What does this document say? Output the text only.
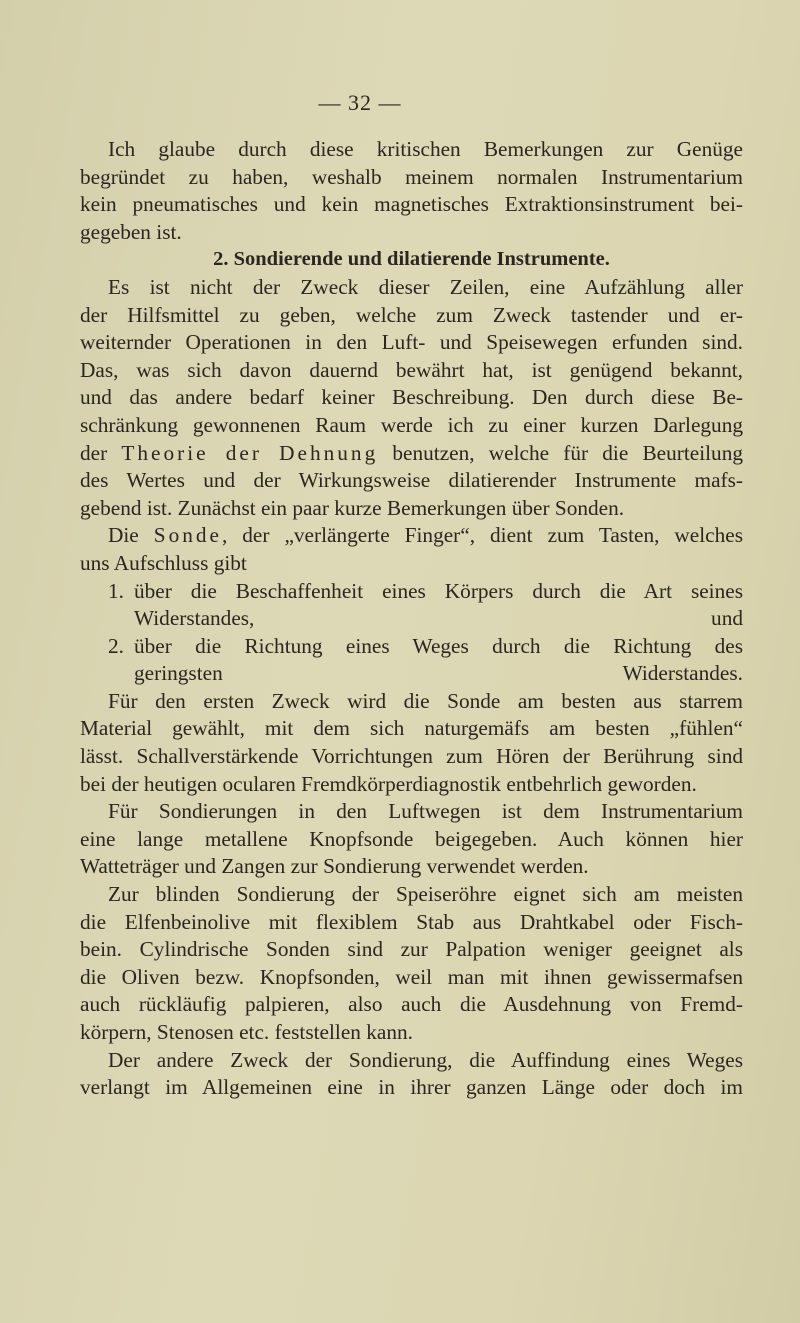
— 32 —

Ich glaube durch diese kritischen Bemerkungen zur Genüge

begründet zu haben, weshalb meinem normalen Instrumentarium

kein pneumatisches und kein magnetisches Extraktionsinstrument bei-

gegeben ist.

2. Sondierende und dilatierende Instrumente.

Es ist nicht der Zweck dieser Zeilen, eine Aufzählung aller

der Hilfsmittel zu geben, welche zum Zweck tastender und er-

weiternder Operationen in den Luft- und Speisewegen erfunden sind.

Das, was sich davon dauernd bewährt hat, ist genügend bekannt,

und das andere bedarf keiner Beschreibung. Den durch diese Be-

schränkung gewonnenen Raum werde ich zu einer kurzen Darlegung

der Theorie der Dehnung benutzen, welche für die Beurteilung

des Wertes und der Wirkungsweise dilatierender Instrumente mafs-

gebend ist. Zunächst ein paar kurze Bemerkungen über Sonden.

Die Sonde, der „verlängerte Finger“, dient zum Tasten, welches

uns Aufschluss gibt

1. über die Beschaffenheit eines Körpers durch die Art seines

Widerstandes, und

2. über die Richtung eines Weges durch die Richtung des

geringsten Widerstandes.

Für den ersten Zweck wird die Sonde am besten aus starrem

Material gewählt, mit dem sich naturgemäfs am besten „fühlen“

lässt. Schallverstärkende Vorrichtungen zum Hören der Berührung sind

bei der heutigen ocularen Fremdkörperdiagnostik entbehrlich geworden.

Für Sondierungen in den Luftwegen ist dem Instrumentarium

eine lange metallene Knopfsonde beigegeben. Auch können hier

Watteträger und Zangen zur Sondierung verwendet werden.

Zur blinden Sondierung der Speiseröhre eignet sich am meisten

die Elfenbeinolive mit flexiblem Stab aus Drahtkabel oder Fisch-

bein. Cylindrische Sonden sind zur Palpation weniger geeignet als

die Oliven bezw. Knopfsonden, weil man mit ihnen gewissermafsen

auch rückläufig palpieren, also auch die Ausdehnung von Fremd-

körpern, Stenosen etc. feststellen kann.

Der andere Zweck der Sondierung, die Auffindung eines Weges

verlangt im Allgemeinen eine in ihrer ganzen Länge oder doch im
